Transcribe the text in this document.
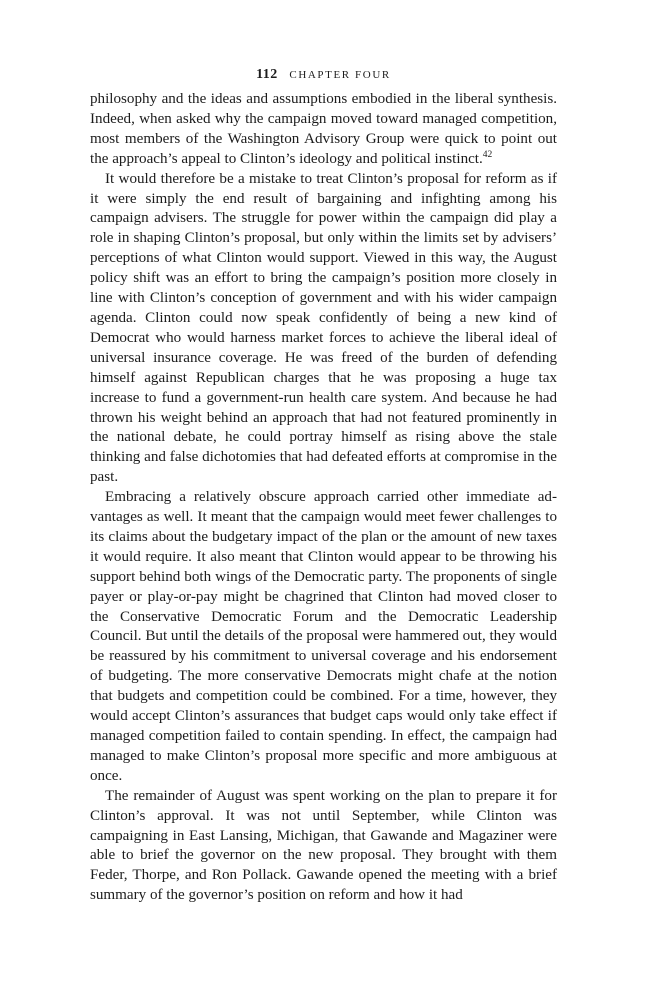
112 CHAPTER FOUR

philosophy and the ideas and assumptions embodied in the liberal synthesis. Indeed, when asked why the campaign moved toward managed competition, most members of the Washington Advisory Group were quick to point out the approach’s appeal to Clinton’s ideology and political instinct.$^{42}$

It would therefore be a mistake to treat Clinton’s proposal for reform as if it were simply the end result of bargaining and infighting among his campaign advisers. The struggle for power within the campaign did play a role in shaping Clinton’s proposal, but only within the limits set by advisers’ perceptions of what Clinton would support. Viewed in this way, the August policy shift was an effort to bring the campaign’s position more closely in line with Clinton’s conception of government and with his wider campaign agenda. Clinton could now speak confidently of being a new kind of Democrat who would harness market forces to achieve the liberal ideal of universal insurance coverage. He was freed of the burden of defending himself against Republican charges that he was proposing a huge tax increase to fund a government-run health care system. And because he had thrown his weight behind an approach that had not featured prominently in the national debate, he could portray himself as rising above the stale thinking and false dichotomies that had defeated efforts at compromise in the past.

Embracing a relatively obscure approach carried other immediate advantages as well. It meant that the campaign would meet fewer challenges to its claims about the budgetary impact of the plan or the amount of new taxes it would require. It also meant that Clinton would appear to be throwing his support behind both wings of the Democratic party. The proponents of single payer or play-or-pay might be chagrined that Clinton had moved closer to the Conservative Democratic Forum and the Democratic Leadership Council. But until the details of the proposal were hammered out, they would be reassured by his commitment to universal coverage and his endorsement of budgeting. The more conservative Democrats might chafe at the notion that budgets and competition could be combined. For a time, however, they would accept Clinton’s assurances that budget caps would only take effect if managed competition failed to contain spending. In effect, the campaign had managed to make Clinton’s proposal more specific and more ambiguous at once.

The remainder of August was spent working on the plan to prepare it for Clinton’s approval. It was not until September, while Clinton was campaigning in East Lansing, Michigan, that Gawande and Magaziner were able to brief the governor on the new proposal. They brought with them Feder, Thorpe, and Ron Pollack. Gawande opened the meeting with a brief summary of the governor’s position on reform and how it had
